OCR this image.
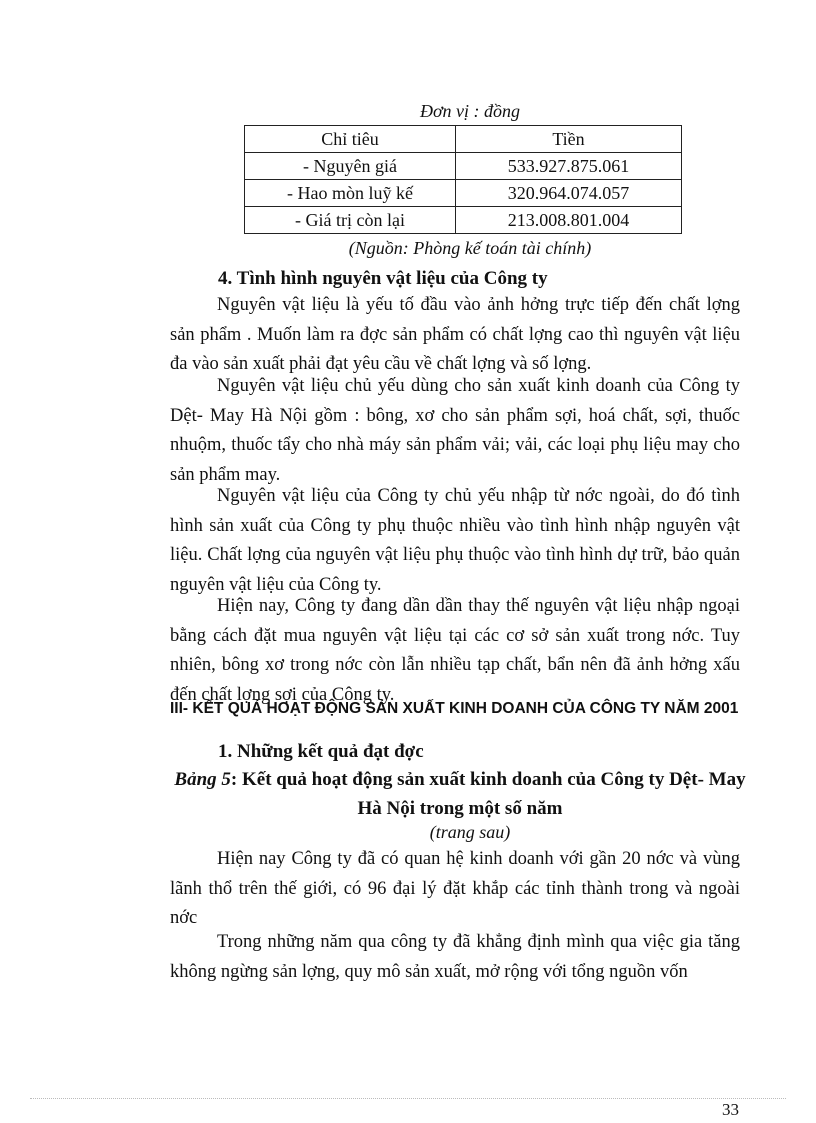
Đơn vị : đồng
Chỉ tiêu	Tiền
- Nguyên giá	533.927.875.061
- Hao mòn luỹ kế	320.964.074.057
- Giá trị còn lại	213.008.801.004
(Nguồn: Phòng kế toán tài chính)
4. Tình hình nguyên vật liệu của Công ty

Nguyên vật liệu là yếu tố đầu vào ảnh hởng trực tiếp đến chất lợng sản phẩm . Muốn làm ra đợc sản phẩm có chất lợng cao thì nguyên vật liệu đa vào sản xuất phải đạt yêu cầu về chất lợng và số lợng.

Nguyên vật liệu chủ yếu dùng cho sản xuất kinh doanh của Công ty Dệt- May Hà Nội gồm : bông, xơ cho sản phẩm sợi, hoá chất, sợi, thuốc nhuộm, thuốc tẩy cho nhà máy sản phẩm vải; vải, các loại phụ liệu may cho sản phẩm may.

Nguyên vật liệu của Công ty chủ yếu nhập từ nớc ngoài, do đó tình hình sản xuất của Công ty phụ thuộc nhiều vào tình hình nhập nguyên vật liệu. Chất lợng của nguyên vật liệu phụ thuộc vào tình hình dự trữ, bảo quản nguyên vật liệu của Công ty.

Hiện nay, Công ty đang dần dần thay thế nguyên vật liệu nhập ngoại bằng cách đặt mua nguyên vật liệu tại các cơ sở sản xuất trong nớc. Tuy nhiên, bông xơ trong nớc còn lẫn nhiều tạp chất, bẩn nên đã ảnh hởng xấu đến chất lợng sợi của Công ty.

III- KẾT QUẢ HOẠT ĐỘNG SẢN XUẤT KINH DOANH CỦA CÔNG TY NĂM 2001
1. Những kết quả đạt đợc
Bảng 5: Kết quả hoạt động sản xuất kinh doanh của Công ty Dệt- May Hà Nội trong một số năm
(trang sau)

Hiện nay Công ty đã có quan hệ kinh doanh với gần 20 nớc và vùng lãnh thổ trên thế giới, có 96 đại lý đặt khắp các tỉnh thành trong và ngoài nớc

Trong những năm qua công ty đã khẳng định mình qua việc gia tăng không ngừng sản lợng, quy mô sản xuất, mở rộng với tổng nguồn vốn

33
